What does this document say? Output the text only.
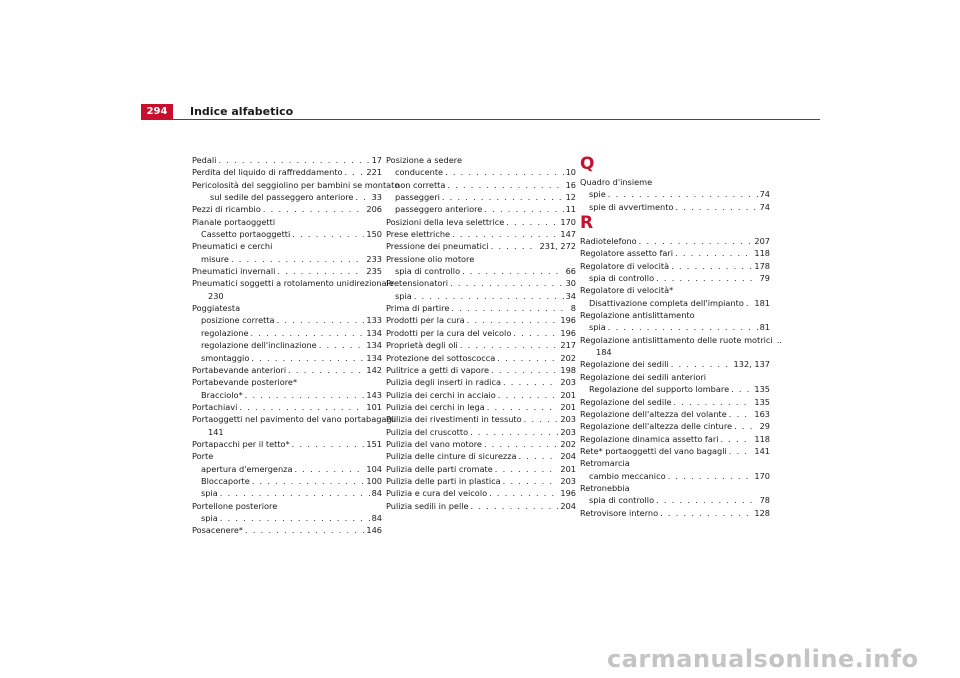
294	Indice alfabetico
Pedali . . .	17
Perdita del liquido di raffreddamento . . .	221
Pericolosità del seggiolino per bambini se montato
sul sedile del passeggero anteriore . . . 33
Pezzi di ricambio . . .	206
Pianale portaoggetti
Cassetto portaoggetti . . .	150
Pneumatici e cerchi
misure . . .	233
Pneumatici invernali . . .	235
Pneumatici soggetti a rotolamento unidirezionale
230
Poggiatesta
posizione corretta . . .	133
regolazione . . .	134
regolazione dell'inclinazione . . .	134
smontaggio . . .	134
Portabevande anteriori . . .	142
Portabevande posteriore*
Bracciolo* . . .	143
Portachiavi . . .	101
Portaoggetti nel pavimento del vano portabagagli
141
Portapacchi per il tetto* . . .	151
Porte
apertura d'emergenza . . .	104
Bloccaporte . . .	100
spia . . .	84
Portellone posteriore
spia . . .	84
Posacenere* . . .	146
Posizione a sedere
conducente . . .	10
non corretta . . .	16
passeggeri . . .	12
passeggero anteriore . . .	11
Posizioni della leva selettrice . . .	170
Prese elettriche . . .	147
Pressione dei pneumatici . . .	231, 272
Pressione olio motore
spia di controllo . . .	66
Pretensionatori . . .	30
spia . . .	34
Prima di partire . . .	8
Prodotti per la cura . . .	196
Prodotti per la cura del veicolo . . .	196
Proprietà degli oli . . .	217
Protezione del sottoscocca . . .	202
Pulitrice a getti di vapore . . .	198
Pulizia degli inserti in radica . . .	203
Pulizia dei cerchi in acciaio . . .	201
Pulizia dei cerchi in lega . . .	201
Pulizia dei rivestimenti in tessuto . . .	203
Pulizia del cruscotto . . .	203
Pulizia del vano motore . . .	202
Pulizia delle cinture di sicurezza . . .	204
Pulizia delle parti cromate . . .	201
Pulizia delle parti in plastica . . .	203
Pulizia e cura del veicolo . . .	196
Pulizia sedili in pelle . . .	204
Q
Quadro d'insieme
spie . . .	74
spie di avvertimento . . .	74
R
Radiotelefono . . .	207
Regolatore assetto fari . . .	118
Regolatore di velocità . . .	178
spia di controllo . . .	79
Regolatore di velocità*
Disattivazione completa dell'impianto . . . 181
Regolazione antislittamento
spia . . .	81
Regolazione antislittamento delle ruote motrici ..
184
Regolazione dei sedili . . .	132, 137
Regolazione dei sedili anteriori
Regolazione del supporto lombare . . .	135
Regolazione del sedile . . .	135
Regolazione dell'altezza del volante . . .	163
Regolazione dell'altezza delle cinture . . .	29
Regolazione dinamica assetto fari . . .	118
Rete* portaoggetti del vano bagagli . . .	141
Retromarcia
cambio meccanico . . .	170
Retronebbia
spia di controllo . . .	78
Retrovisore interno . . .	128
carmanualsonline.info
